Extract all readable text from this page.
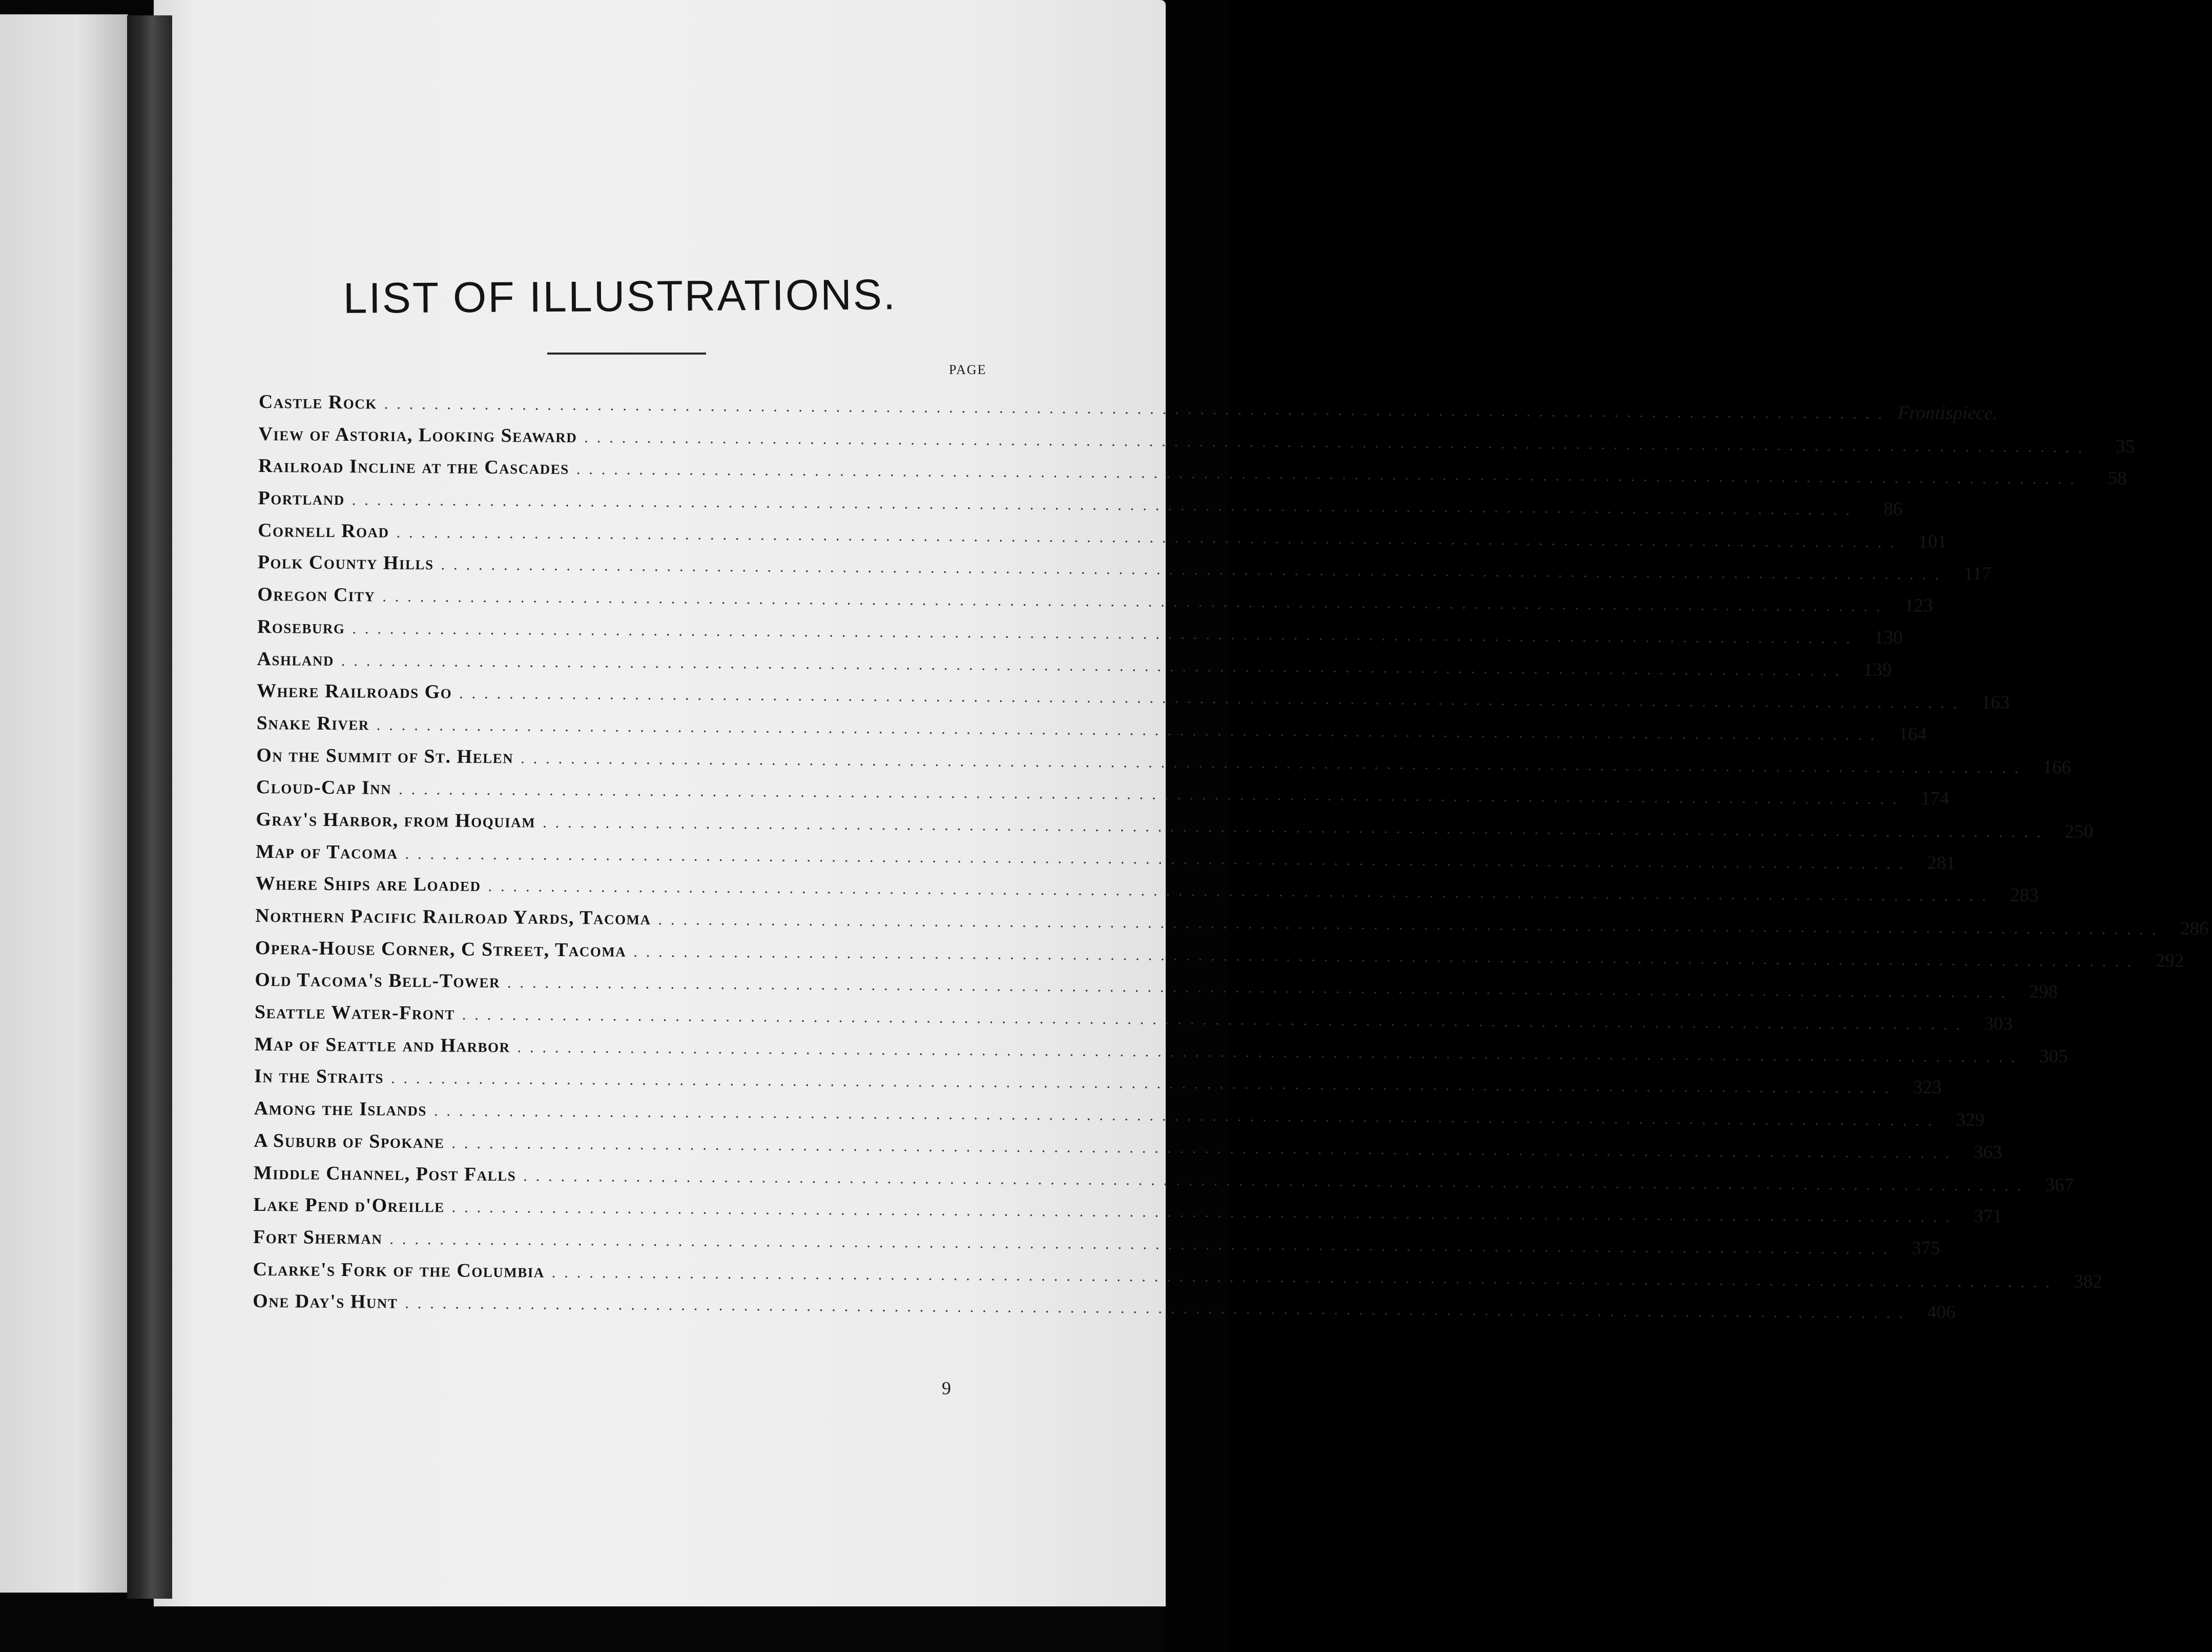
LIST OF ILLUSTRATIONS.
PAGE
Castle Rock ........................................................................................................................ Frontispiece.
View of Astoria, Looking Seaward ........................................................................................................................	35
Railroad Incline at the Cascades ........................................................................................................................	58
Portland ........................................................................................................................	86
Cornell Road ........................................................................................................................ 101
Polk County Hills ........................................................................................................................ 117
Oregon City ........................................................................................................................ 123
Roseburg ........................................................................................................................ 130
Ashland ........................................................................................................................ 139
Where Railroads Go ........................................................................................................................ 163
Snake River ........................................................................................................................ 164
On the Summit of St. Helen ........................................................................................................................ 166
Cloud-Cap Inn ........................................................................................................................ 174
Gray's Harbor, from Hoquiam ........................................................................................................................ 250
Map of Tacoma ........................................................................................................................ 281
Where Ships are Loaded ........................................................................................................................ 283
Northern Pacific Railroad Yards, Tacoma ........................................................................................................................ 286
Opera-House Corner, C Street, Tacoma ........................................................................................................................ 292
Old Tacoma's Bell-Tower ........................................................................................................................ 298
Seattle Water-Front ........................................................................................................................ 303
Map of Seattle and Harbor ........................................................................................................................ 305
In the Straits ........................................................................................................................ 323
Among the Islands ........................................................................................................................ 329
A Suburb of Spokane ........................................................................................................................ 363
Middle Channel, Post Falls ........................................................................................................................ 367
Lake Pend d'Oreille ........................................................................................................................ 371
Fort Sherman ........................................................................................................................ 375
Clarke's Fork of the Columbia ........................................................................................................................ 382
One Day's Hunt ........................................................................................................................ 406
9
